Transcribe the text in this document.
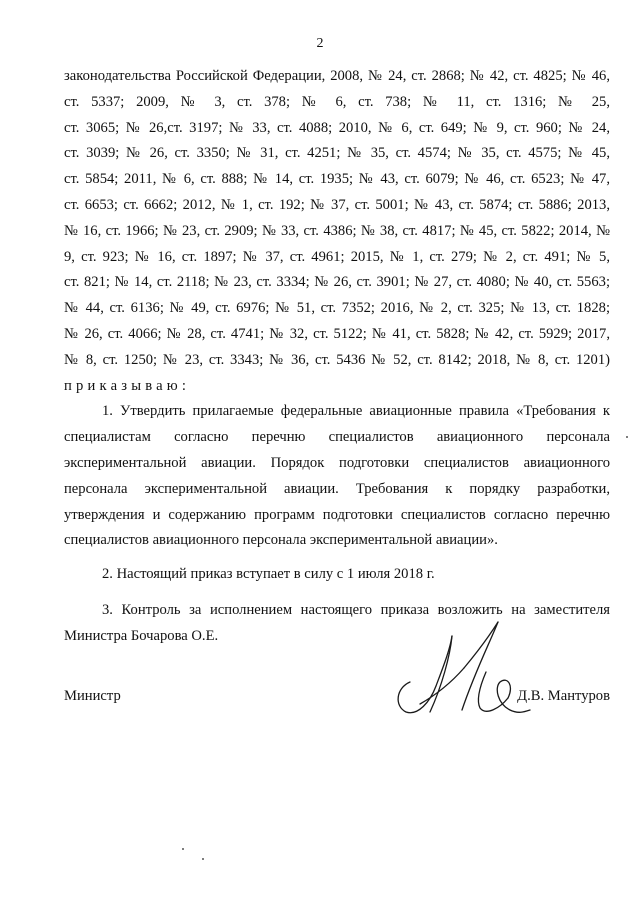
2
законодательства Российской Федерации, 2008, № 24, ст. 2868; № 42, ст. 4825; № 46,
ст. 5337; 2009, № 3, ст. 378; № 6, ст. 738; № 11, ст. 1316; № 25,
ст. 3065; № 26,ст. 3197; № 33, ст. 4088; 2010, № 6, ст. 649; № 9, ст. 960; № 24,
ст. 3039; № 26, ст. 3350; № 31, ст. 4251; № 35, ст. 4574; № 35, ст. 4575; № 45,
ст. 5854; 2011, № 6, ст. 888; № 14, ст. 1935; № 43, ст. 6079; № 46, ст. 6523; № 47,
ст. 6653; ст. 6662; 2012, № 1, ст. 192; № 37, ст. 5001; № 43, ст. 5874; ст. 5886; 2013,
№ 16, ст. 1966; № 23, ст. 2909; № 33, ст. 4386; № 38, ст. 4817; № 45, ст. 5822; 2014, №
9, ст. 923; № 16, ст. 1897; № 37, ст. 4961; 2015, № 1, ст. 279; № 2, ст. 491; № 5,
ст. 821; № 14, ст. 2118; № 23, ст. 3334; № 26, ст. 3901; № 27, ст. 4080; № 40, ст. 5563;
№ 44, ст. 6136; № 49, ст. 6976; № 51, ст. 7352; 2016, № 2, ст. 325; № 13, ст. 1828;
№ 26, ст. 4066; № 28, ст. 4741; № 32, ст. 5122; № 41, ст. 5828; № 42, ст. 5929; 2017,
№ 8, ст. 1250; № 23, ст. 3343; № 36, ст. 5436 № 52, ст. 8142; 2018, № 8, ст. 1201)
приказываю:
1. Утвердить прилагаемые федеральные авиационные правила «Требования к
специалистам согласно перечню специалистов авиационного персонала
экспериментальной авиации. Порядок подготовки специалистов авиационного
персонала экспериментальной авиации. Требования к порядку разработки,
утверждения и содержанию программ подготовки специалистов согласно перечню
специалистов авиационного персонала экспериментальной авиации».
2. Настоящий приказ вступает в силу с 1 июля 2018 г.
3. Контроль за исполнением настоящего приказа возложить на заместителя
Министра Бочарова О.Е.
Министр	Д.В. Мантуров
